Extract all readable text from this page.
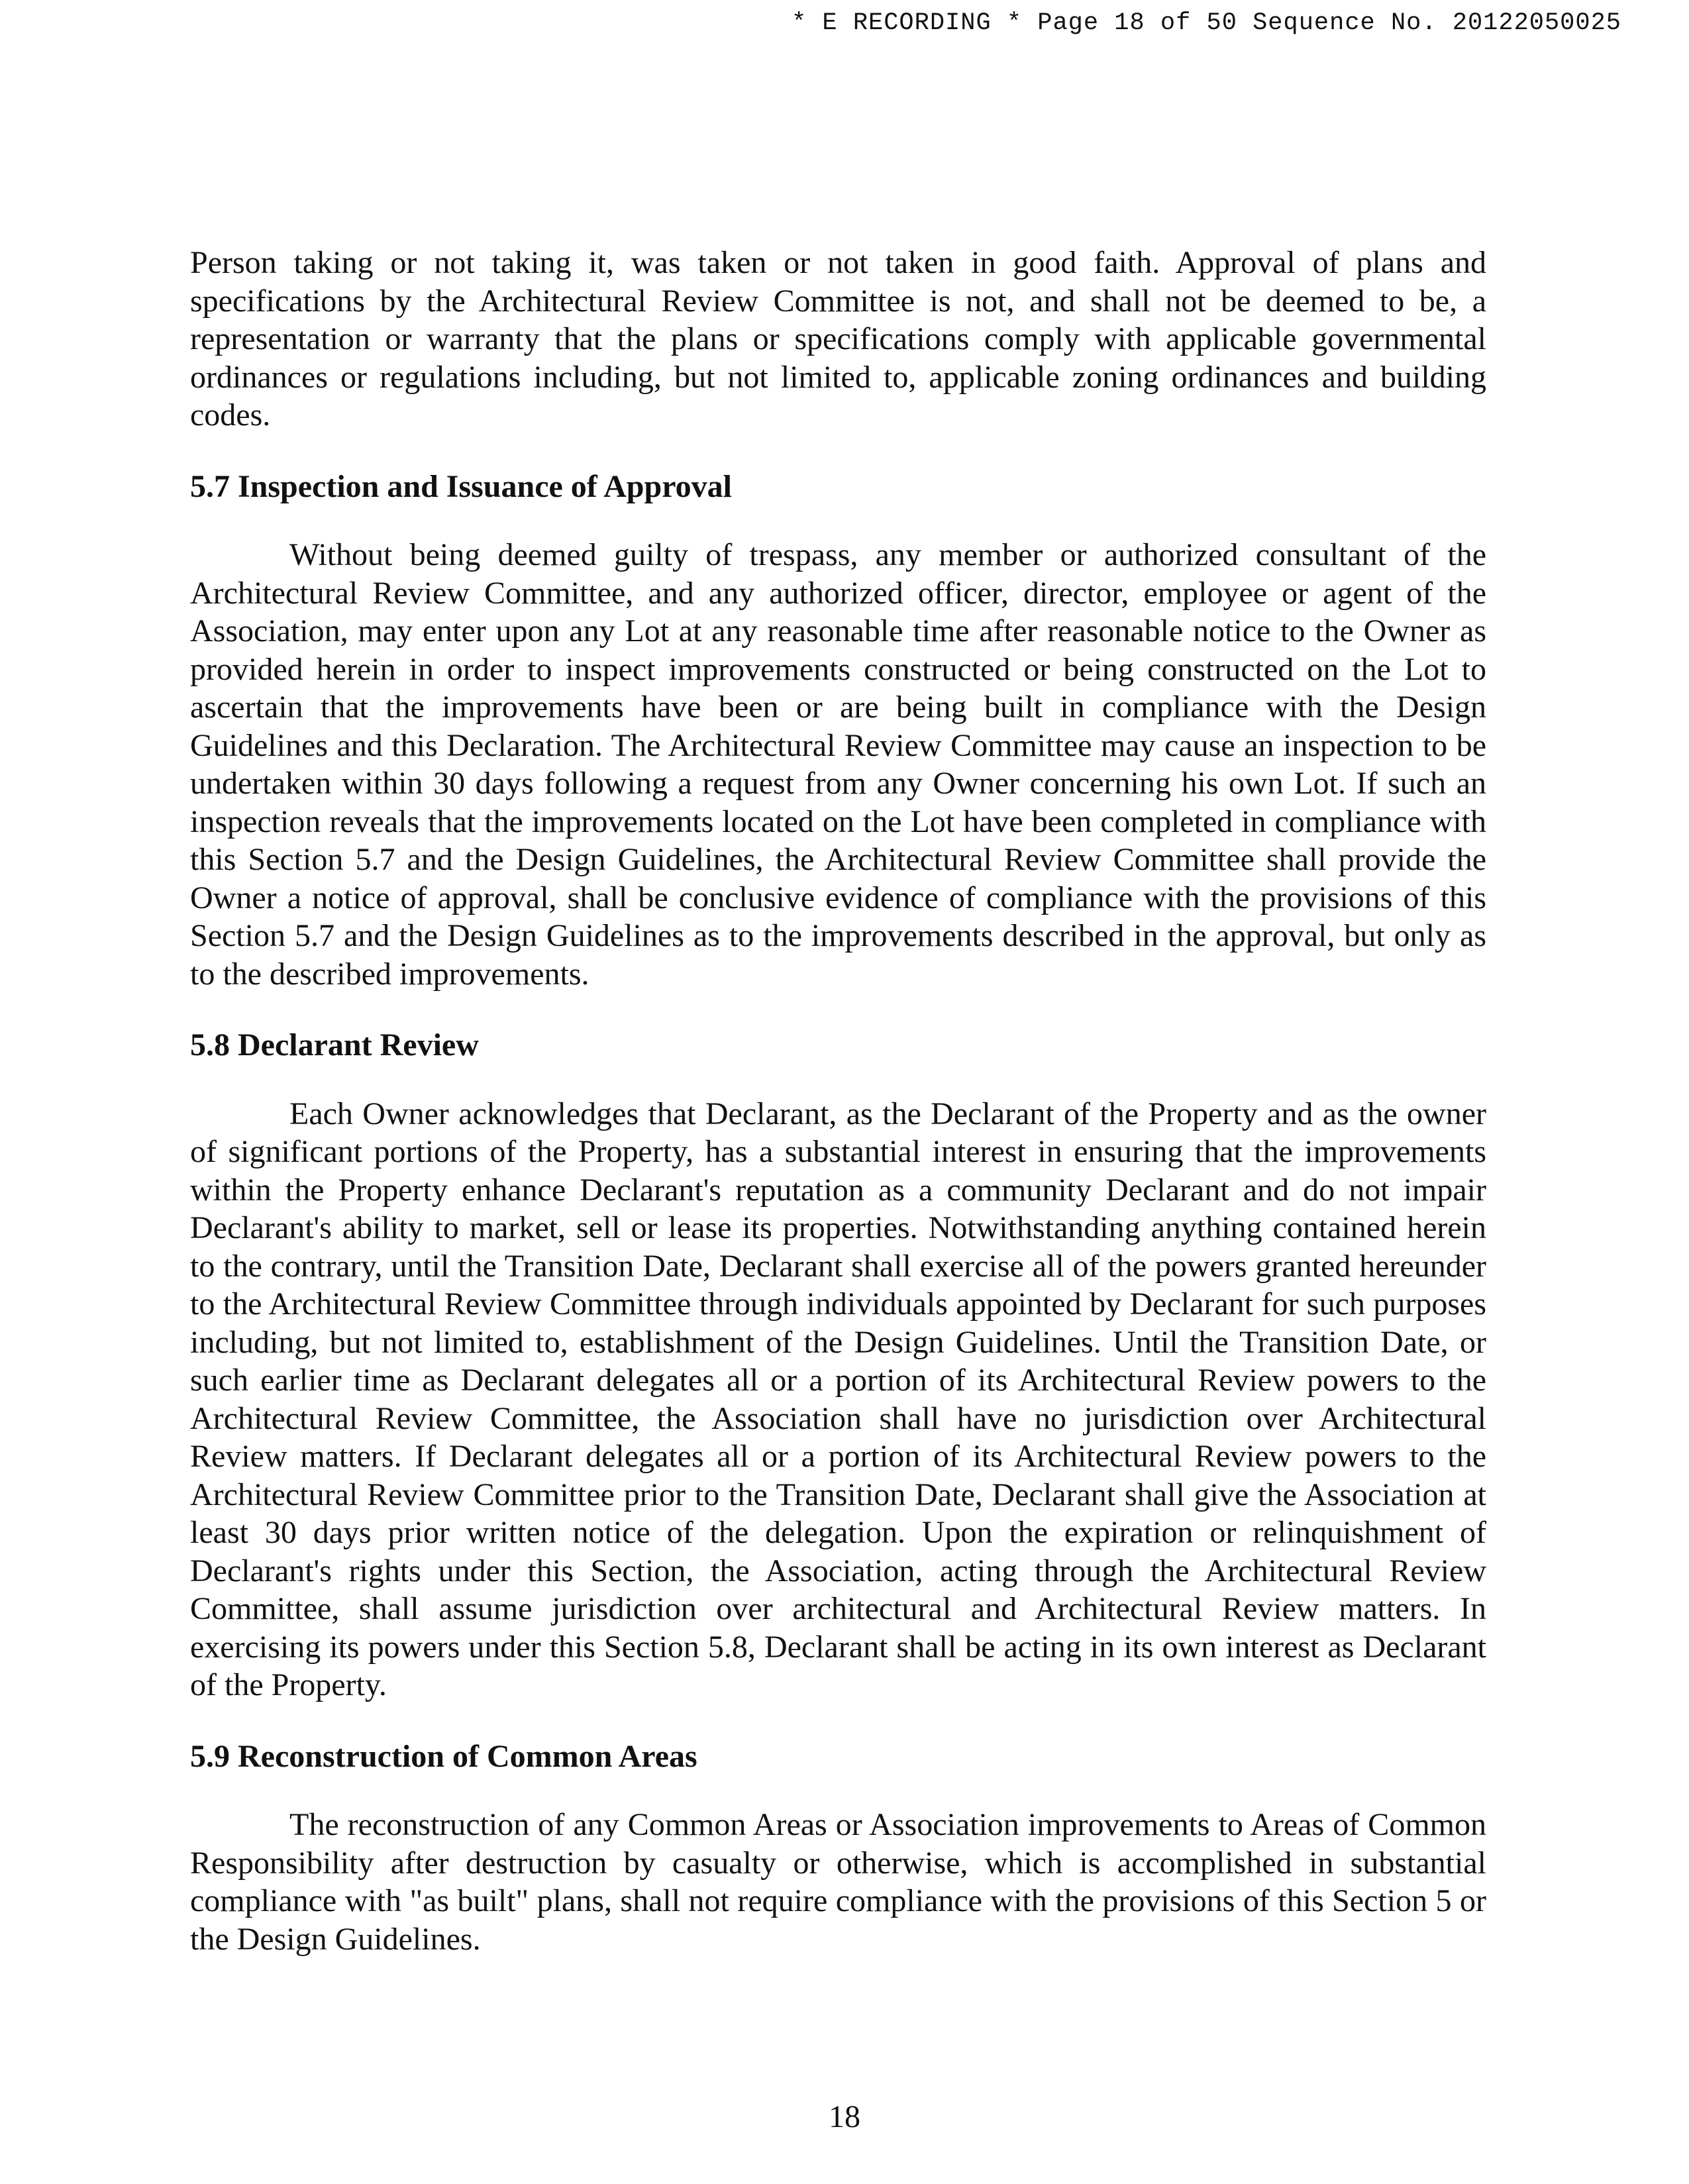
* E RECORDING * Page 18 of 50 Sequence No. 20122050025

Person taking or not taking it, was taken or not taken in good faith. Approval of plans and specifications by the Architectural Review Committee is not, and shall not be deemed to be, a representation or warranty that the plans or specifications comply with applicable governmental ordinances or regulations including, but not limited to, applicable zoning ordinances and building codes.

5.7 Inspection and Issuance of Approval

Without being deemed guilty of trespass, any member or authorized consultant of the Architectural Review Committee, and any authorized officer, director, employee or agent of the Association, may enter upon any Lot at any reasonable time after reasonable notice to the Owner as provided herein in order to inspect improvements constructed or being constructed on the Lot to ascertain that the improvements have been or are being built in compliance with the Design Guidelines and this Declaration. The Architectural Review Committee may cause an inspection to be undertaken within 30 days following a request from any Owner concerning his own Lot. If such an inspection reveals that the improvements located on the Lot have been completed in compliance with this Section 5.7 and the Design Guidelines, the Architectural Review Committee shall provide the Owner a notice of approval, shall be conclusive evidence of compliance with the provisions of this Section 5.7 and the Design Guidelines as to the improvements described in the approval, but only as to the described improvements.

5.8 Declarant Review

Each Owner acknowledges that Declarant, as the Declarant of the Property and as the owner of significant portions of the Property, has a substantial interest in ensuring that the improvements within the Property enhance Declarant's reputation as a community Declarant and do not impair Declarant's ability to market, sell or lease its properties. Notwithstanding anything contained herein to the contrary, until the Transition Date, Declarant shall exercise all of the powers granted hereunder to the Architectural Review Committee through individuals appointed by Declarant for such purposes including, but not limited to, establishment of the Design Guidelines. Until the Transition Date, or such earlier time as Declarant delegates all or a portion of its Architectural Review powers to the Architectural Review Committee, the Association shall have no jurisdiction over Architectural Review matters. If Declarant delegates all or a portion of its Architectural Review powers to the Architectural Review Committee prior to the Transition Date, Declarant shall give the Association at least 30 days prior written notice of the delegation. Upon the expiration or relinquishment of Declarant's rights under this Section, the Association, acting through the Architectural Review Committee, shall assume jurisdiction over architectural and Architectural Review matters. In exercising its powers under this Section 5.8, Declarant shall be acting in its own interest as Declarant of the Property.

5.9 Reconstruction of Common Areas

The reconstruction of any Common Areas or Association improvements to Areas of Common Responsibility after destruction by casualty or otherwise, which is accomplished in substantial compliance with "as built" plans, shall not require compliance with the provisions of this Section 5 or the Design Guidelines.

18
